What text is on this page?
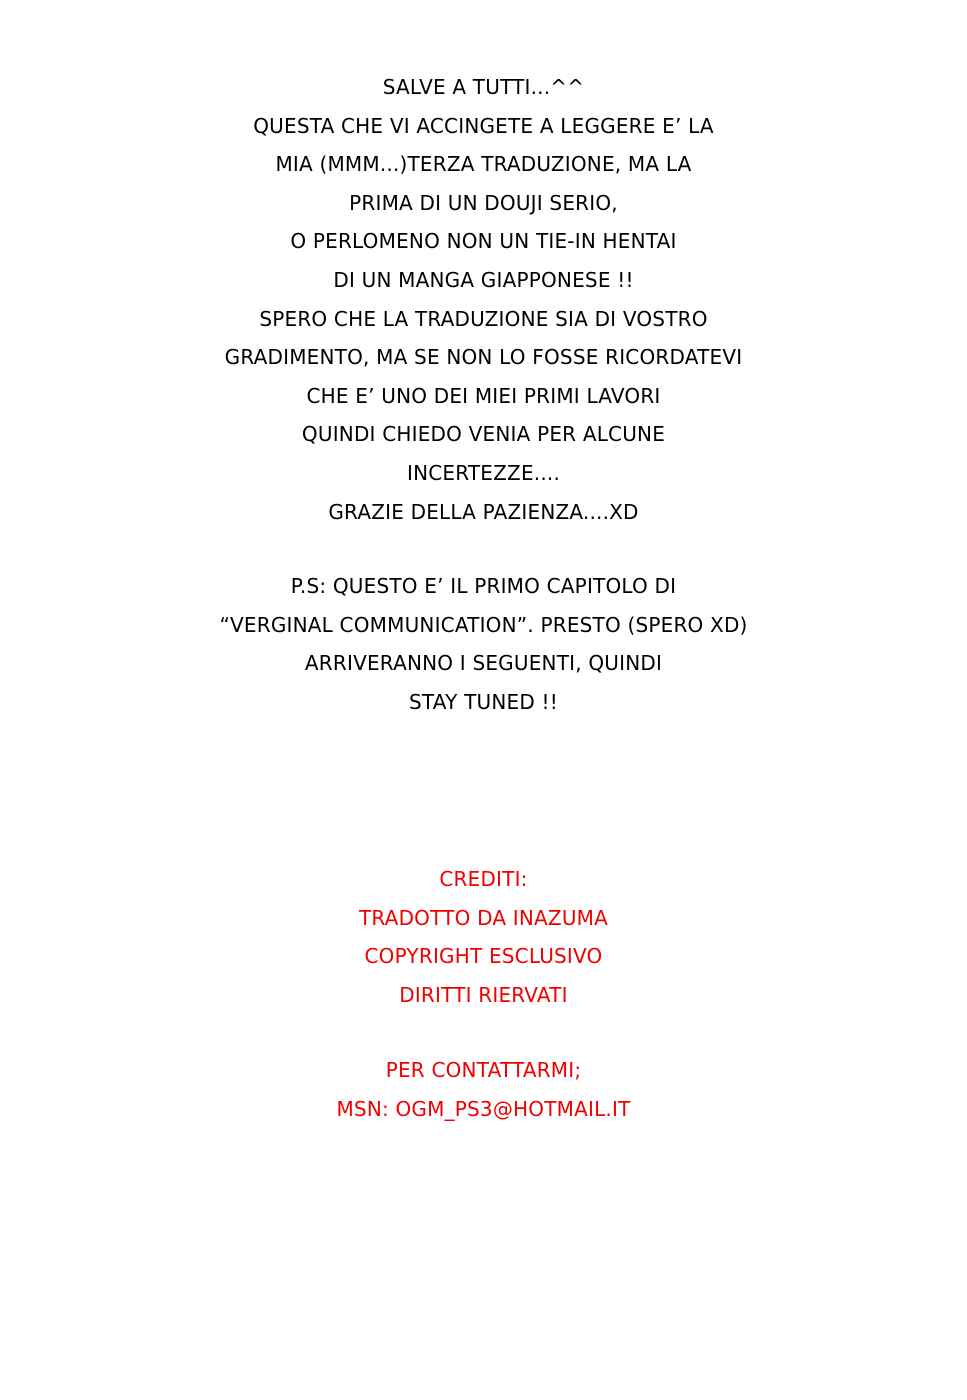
SALVE A TUTTI...^^
QUESTA CHE VI ACCINGETE A LEGGERE E’ LA
MIA (MMM...)TERZA TRADUZIONE, MA LA
PRIMA DI UN DOUJI SERIO,
O PERLOMENO NON UN TIE-IN HENTAI
DI UN MANGA GIAPPONESE !!
SPERO CHE LA TRADUZIONE SIA DI VOSTRO
GRADIMENTO, MA SE NON LO FOSSE RICORDATEVI
CHE E’ UNO DEI MIEI PRIMI LAVORI
QUINDI CHIEDO VENIA PER ALCUNE
INCERTEZZE....
GRAZIE DELLA PAZIENZA....XD
P.S: QUESTO E’ IL PRIMO CAPITOLO DI
“VERGINAL COMMUNICATION”. PRESTO (SPERO XD)
ARRIVERANNO I SEGUENTI, QUINDI
STAY TUNED !!
CREDITI:
TRADOTTO DA INAZUMA
COPYRIGHT ESCLUSIVO
DIRITTI RIERVATI
PER CONTATTARMI;
MSN: OGM_PS3@HOTMAIL.IT
